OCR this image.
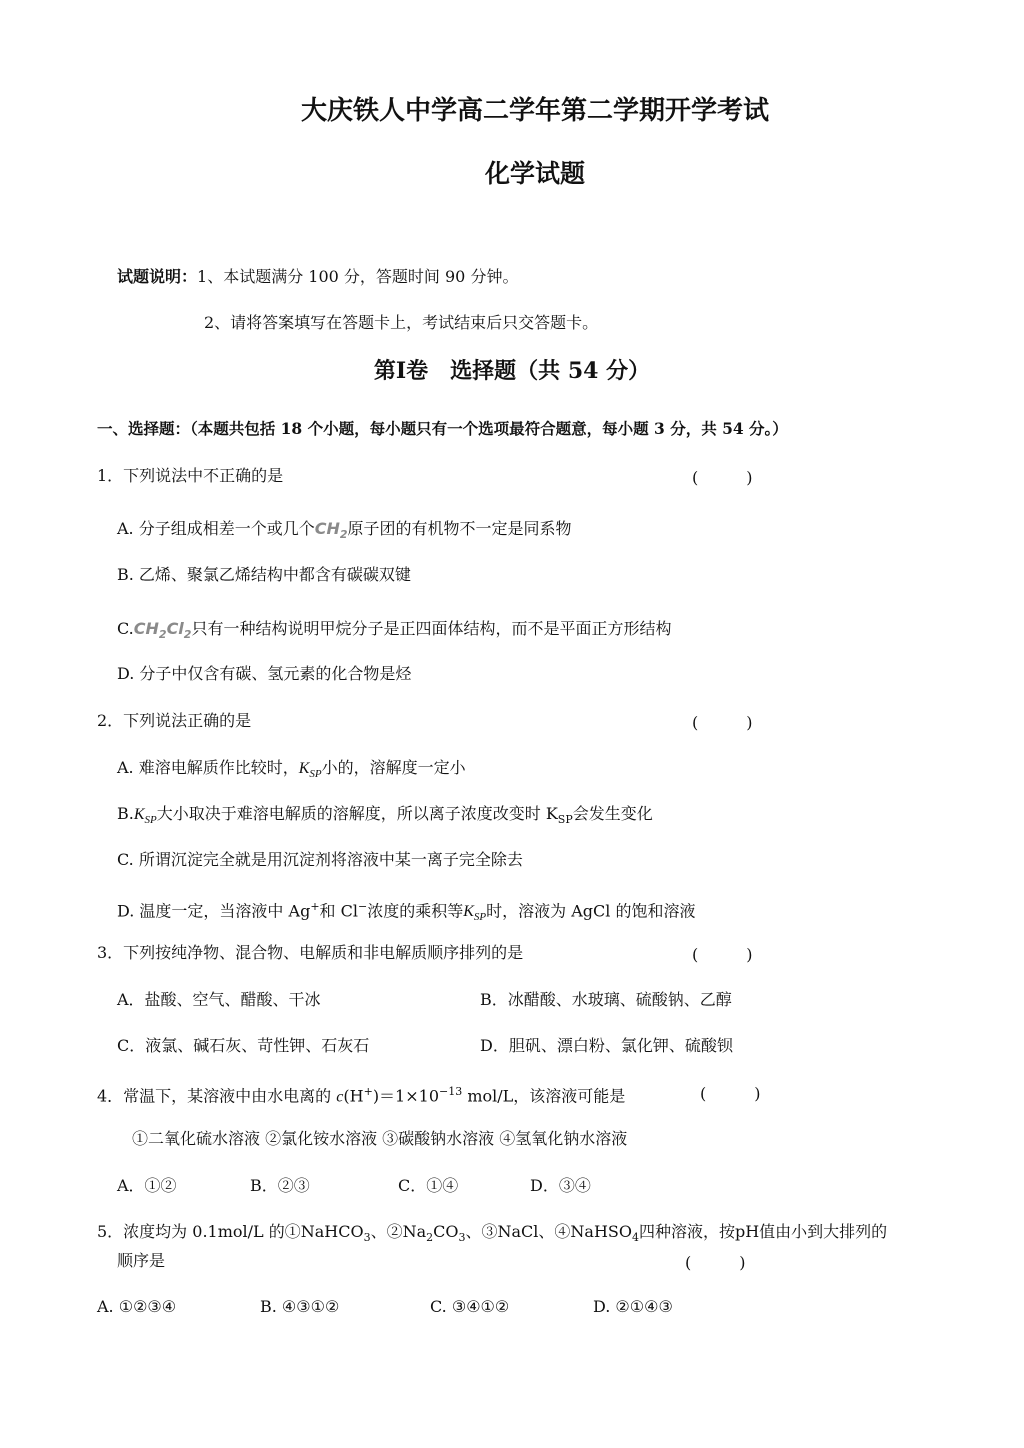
大庆铁人中学高二学年第二学期开学考试
化学试题
试题说明：1、本试题满分 100 分，答题时间 90 分钟。
2、请将答案填写在答题卡上，考试结束后只交答题卡。
第Ⅰ卷　选择题（共 54 分）
一、选择题：（本题共包括 18 个小题，每小题只有一个选项最符合题意，每小题 3 分，共 54 分。）
1．下列说法中不正确的是	(　　　)
A. 分子组成相差一个或几个$CH_2$原子团的有机物不一定是同系物
B. 乙烯、聚氯乙烯结构中都含有碳碳双键
$C.CH_2Cl_2$只有一种结构说明甲烷分子是正四面体结构，而不是平面正方形结构
D. 分子中仅含有碳、氢元素的化合物是烃
2．下列说法正确的是	(　　　)
A. 难溶电解质作比较时，$K_{SP}$小的，溶解度一定小
$B.K_{SP}$大小取决于难溶电解质的溶解度，所以离子浓度改变时 $K_{SP}$会发生变化
C. 所谓沉淀完全就是用沉淀剂将溶液中某一离子完全除去
D. 温度一定，当溶液中 Ag+和 Cl−浓度的乘积等$K_{SP}$时，溶液为 AgCl 的饱和溶液
3．下列按纯净物、混合物、电解质和非电解质顺序排列的是	(　　　)
A．盐酸、空气、醋酸、干冰	B．冰醋酸、水玻璃、硫酸钠、乙醇
C．液氯、碱石灰、苛性钾、石灰石	D．胆矾、漂白粉、氯化钾、硫酸钡
4．常温下，某溶液中由水电离的 $c(H^+)=1\times 10^{-13}$ mol/L，该溶液可能是	(　　　)
①二氧化硫水溶液 ②氯化铵水溶液 ③碳酸钠水溶液 ④氢氧化钠水溶液
A．①②	B．②③	C．①④	D．③④
5．浓度均为 0.1mol/L 的①NaHCO$_3$、$②Na_2CO_3$、③NaCl、④NaHSO$_4$四种溶液，按pH值由小到大排列的
顺序是	(　　　)
A. ①②③④	B. ④③①②	C. ③④①②	D. ②①④③
